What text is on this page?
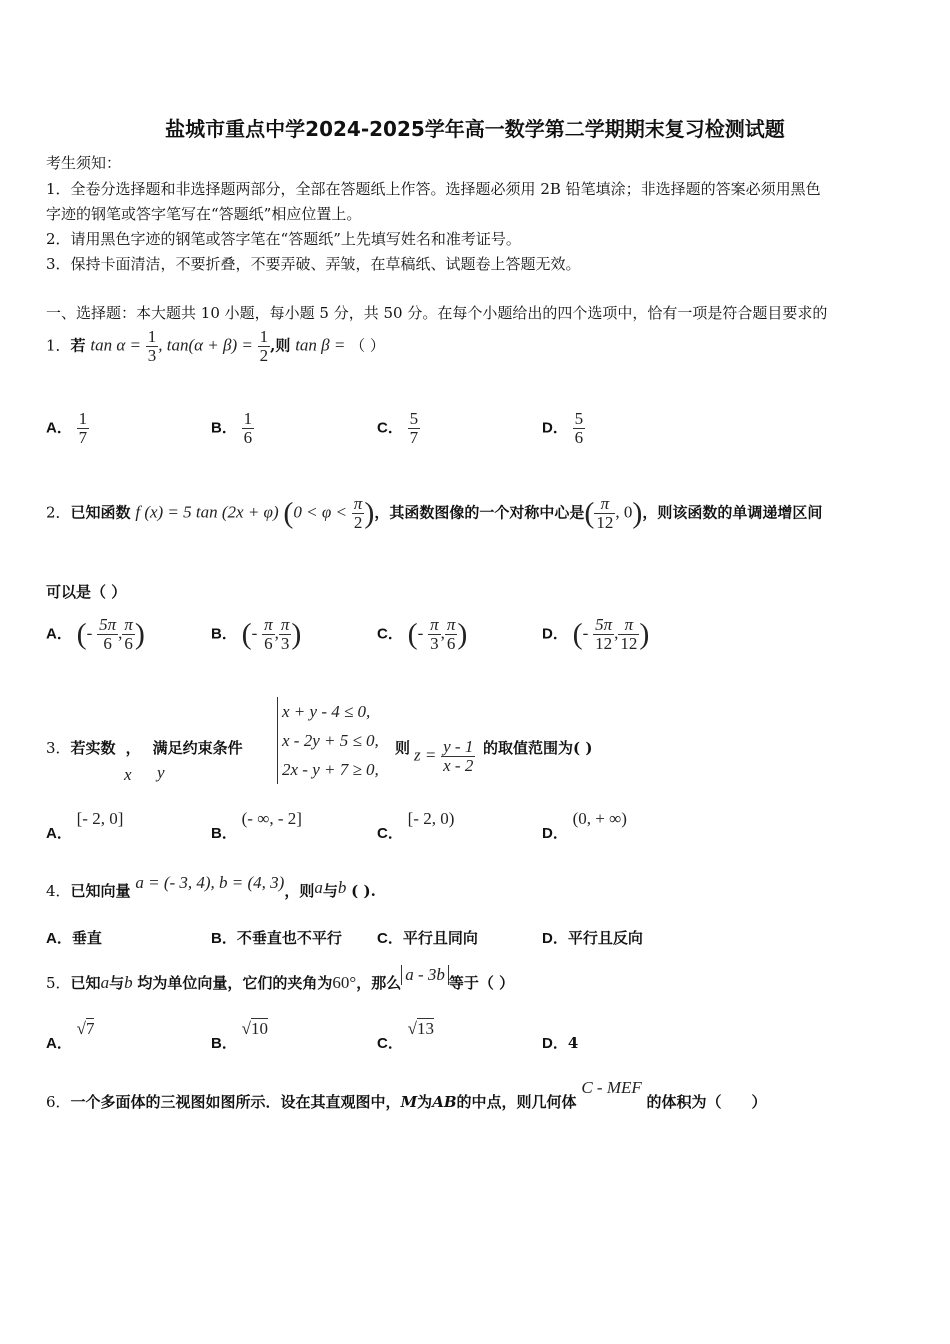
盐城市重点中学2024-2025学年高一数学第二学期期末复习检测试题
考生须知：
1．全卷分选择题和非选择题两部分，全部在答题纸上作答。选择题必须用 2B 铅笔填涂；非选择题的答案必须用黑色
字迹的钢笔或答字笔写在“答题纸”相应位置上。
2．请用黑色字迹的钢笔或答字笔在“答题纸”上先填写姓名和准考证号。
3．保持卡面清洁，不要折叠，不要弄破、弄皱，在草稿纸、试题卷上答题无效。
一、选择题：本大题共 10 小题，每小题 5 分，共 50 分。在每个小题给出的四个选项中，恰有一项是符合题目要求的
1．若 $\tan \alpha = \frac{1}{3}$ , $\tan(\alpha + \beta) = \frac{1}{2}$ ,则 tan β = （ ）
A． $\frac{1}{7}$	B． $\frac{1}{6}$	C． $\frac{5}{7}$	D． $\frac{5}{6}$
2．已知函数 f (x) = 5 tan (2x + φ) ($0 < \varphi < \frac{\pi}{2}$ )，其函数图像的一个对称中心是( $\frac{\pi}{12}$ , 0)，则该函数的单调递增区间
可以是（ ）
A． (- $\frac{5\pi}{6}$ , $\frac{\pi}{6}$ )	B． (- $\frac{\pi}{6}$ , $\frac{\pi}{3}$ )	C． (- $\frac{\pi}{3}$ , $\frac{\pi}{6}$ )	D． (- $\frac{5\pi}{12}$ , $\frac{\pi}{12}$ )
3．若实数 ， 满足约束条件
x y
x + y - 4 ≤ 0,
x - 2y + 5 ≤ 0,
2x - y + 7 ≥ 0,
则 $z = \frac{y - 1}{x - 2}$ 的取值范围为( )
A． [- 2, 0]
B． (- ∞, - 2]
C． [- 2, 0)
D． (0, + ∞)
4．已知向量 a = (- 3, 4), b = (4, 3)，则a与b ( ).
A．垂直	B．不垂直也不平行 C．平行且同向	D．平行且反向
5．已知a与b 均为单位向量，它们的夹角为60°，那么 a - 3b 等于（ ）
A． √7
B． √10
C． √13
D．4
6．一个多面体的三视图如图所示．设在其直观图中，M为AB的中点，则几何体 C - MEF 的体积为（　　）
